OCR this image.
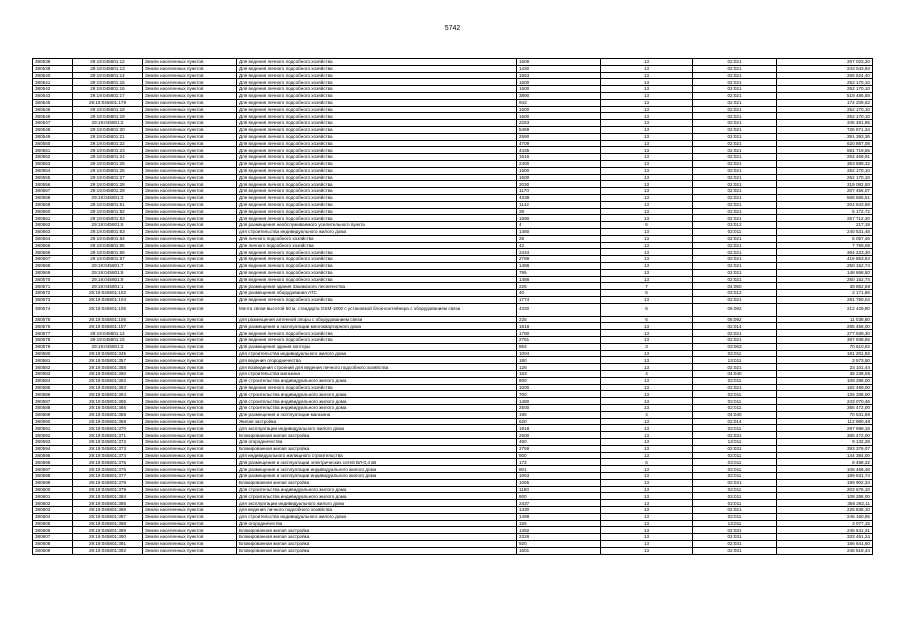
5742
380538	29:19:045801:12	Земли населенных пунктов	Для ведения личного подсобного хозяйства	1506	13	02:021	267 023,20
380539	29:19:045801:13	Земли населенных пунктов	Для ведения личного подсобного хозяйства	1430	13	02:021	243 043,94
380540	29:19:045801:14	Земли населенных пунктов	Для ведения личного подсобного хозяйства	1563	13	02:021	265 524,40
380541	29:19:045801:15	Земли населенных пунктов	Для ведения личного подсобного хозяйства	1500	13	02:021	252 170,10
380542	29:19:045801:16	Земли населенных пунктов	Для ведения личного подсобного хозяйства	1500	13	02:021	252 170,10
380543	29:19:045801:17	Земли населенных пунктов	Для ведения личного подсобного хозяйства	3890	13	02:021	519 486,58
380545	29:19:045801:179	Земли населенных пунктов	Для ведения личного подсобного хозяйства	943	13	02:021	174 209,62
380545	29:19:045801:18	Земли населенных пунктов	Для ведения личного подсобного хозяйства	1500	13	02:021	252 170,10
380546	29:19:045801:19	Земли населенных пунктов	Для ведения личного подсобного хозяйства	1500	13	02:021	252 170,10
380547	29:19:045801:2	Земли населенных пунктов	Для ведения личного подсобного хозяйства	2253	13	02:021	345 481,95
380548	29:19:045801:20	Земли населенных пунктов	Для ведения личного подсобного хозяйства	5459	13	02:021	726 871,34
380549	29:19:045801:21	Земли населенных пунктов	Для ведения личного подсобного хозяйства	2590	13	02:021	391 393,36
380550	29:19:045801:22	Земли населенных пунктов	Для ведения личного подсобного хозяйства	4709	13	02:021	620 867,08
380551	29:19:045801:23	Земли населенных пунктов	Для ведения личного подсобного хозяйства	4435	13	02:021	581 719,55
380552	29:19:045801:24	Земли населенных пунктов	Для ведения личного подсобного хозяйства	1516	13	02:021	254 459,91
380553	29:19:045801:25	Земли населенных пунктов	Для ведения личного подсобного хозяйства	2400	13	02:021	363 589,32
380554	29:19:045801:26	Земли населенных пунктов	Для ведения личного подсобного хозяйства	1500	13	02:021	252 170,10
380555	29:19:045801:27	Земли населенных пунктов	Для ведения личного подсобного хозяйства	1500	13	02:021	252 170,10
380556	29:19:045801:28	Земли населенных пунктов	Для ведения личного подсобного хозяйства	2030	13	02:021	319 082,93
380557	29:19:045801:29	Земли населенных пунктов	Для ведения личного подсобного хозяйства	1170	13	02:021	207 456,07
380558	29:19:045801:3	Земли населенных пунктов	Для ведения личного подсобного хозяйства	4338	13	02:021	568 565,51
380559	29:19:045801:51	Земли населенных пунктов	Для ведения личного подсобного хозяйства	1142	13	02:021	204 643,88
380560	29:19:045801:52	Земли населенных пунктов	Для ведения личного подсобного хозяйства	28	13	02:021	5 172,72
380561	29:19:045801:53	Земли населенных пунктов	Для ведения личного подсобного хозяйства	1590	13	02:021	257 712,30
380562	29:19:045801:6	Земли населенных пунктов	Для размещения необслуживаемого усилительного пункта	4	6	03:012	217,19
380563	29:19:045801:63	Земли населенных пунктов	для строительства индивидуального жилого дома	1480	13	02:011	240 531,48
380564	29:19:045801:64	Земли населенных пунктов	Для личного подсобного хозяйства	28	13	02:021	5 057,46
380565	29:19:045801:65	Земли населенных пунктов	Для личного подсобного хозяйства	42	13	02:021	7 759,08
380566	29:19:045801:66	Земли населенных пунктов	Для ведения личного подсобного хозяйства	2434	13	02:021	364 223,30
380567	29:19:045801:67	Земли населенных пунктов	Для ведения личного подсобного хозяйства	2788	13	02:021	416 853,54
380568	29:19:045801:7	Земли населенных пунктов	Для ведения личного подсобного хозяйства	1488	13	02:021	250 152,74
380569	29:19:045801:8	Земли населенных пунктов	Для ведения личного подсобного хозяйства	795	13	02:021	148 868,50
380570	29:19:045801:9	Земли населенных пунктов	Для ведения личного подсобного хозяйства	1488	13	02:021	250 152,74
380571	29:19:045801:1	Земли населенных пунктов	Для размещения здания Закамского лесничества	225	7	04:050	39 862,88
380572	29:19:045801:102	Земли населенных пунктов	Для размещения оборудования АТС	40	6	03:012	2 171,86
380573	29:19:045801:104	Земли населенных пунктов	Для ведения личного подсобного хозяйства	1774	13	02:021	281 750,04
380574	29:19:045801:105	Земли населенных пунктов	Мачта связи высотой 50 м, стандарта GSM-1800 с установкой блок-контейнера с оборудованием связи	4330	6	06:092	212 429,80
380575	29:19:045801:106	Земли населенных пунктов	для размещения антенной опоры с оборудованием связи	225	6	06:092	11 038,80
380576	29:19:045801:107	Земли населенных пунктов	Для размещения и эксплуатации многоквартирного дома	1818	13	02:014	285 458,00
380577	29:19:045801:14	Земли населенных пунктов	Для ведения личного подсобного хозяйства	1790	13	02:021	277 939,30
380578	29:19:045801:15	Земли населенных пунктов	Для ведения личного подсобного хозяйства	2781	13	02:021	397 938,55
380579	29:19:045801:2	Земли населенных пунктов	Для размещения здания конторы	854	3	03:063	70 610,82
380580	29:19:045801:345	Земли населенных пунктов	для строительства индивидуального жилого дома	1004	13	02:011	181 201,92
380581	29:19:045801:357	Земли населенных пунктов	для ведения огородничества	180	13	13:011	3 573,50
380582	29:19:045801:358	Земли населенных пунктов	для возведения строений для ведения личного подсобного хозяйства	128	13	02:021	23 101,44
380583	29:19:045801:360	Земли населенных пунктов	для строительства магазина	163	4	04:040	39 238,05
380584	29:19:045801:362	Земли населенных пунктов	Для строительства индивидуального жилого дома	800	13	02:011	108 286,00
380585	29:19:045801:363	Земли населенных пунктов	Для ведения личного подсобного хозяйства	1000	13	02:021	182 489,00
380586	29:19:045801:364	Земли населенных пунктов	Для строительства индивидуального жилого дома	700	13	02:011	125 336,00
380587	29:19:045801:365	Земли населенных пунктов	Для строительства индивидуального жилого дома	1480	13	02:011	243 070,46
380588	29:19:045801:366	Земли населенных пунктов	Для строительства индивидуального жилого дома	2500	13	02:011	365 472,00
380589	29:19:045801:368	Земли населенных пунктов	Для размещения и эксплуатации магазина	195	4	04:040	70 531,86
380590	29:19:045801:369	Земли населенных пунктов	Жилая застройка	620	13	02:014	112 980,48
380591	29:19:045801:370	Земли населенных пунктов	для эксплуатации индивидуального жилого дома	1918	13	02:011	297 698,15
380592	29:19:045801:371	Земли населенных пунктов	Блокированная жилая застройка	2500	13	02:031	365 472,00
380593	29:19:045801:372	Земли населенных пунктов	Для огородничества	460	13	13:011	9 132,28
380594	29:19:045801:373	Земли населенных пунктов	Блокированная жилая застройка	2759	13	02:031	393 376,07
380595	29:19:045801:374	Земли населенных пунктов	для индивидуального жилищного строительства	800	13	02:011	144 384,00
380596	29:19:045801:375	Земли населенных пунктов	Для размещения и эксплуатации электрических сетей ВЛ-0,4 кВ	172	6	03:011	8 498,32
380597	29:19:045801:376	Земли населенных пунктов	Для размещения и эксплуатации индивидуального жилого дома	801	13	02:011	108 468,48
380598	29:19:045801:377	Земли населенных пунктов	Для размещения и эксплуатации индивидуального жилого дома	1063	13	02:011	189 531,74
380599	29:19:045801:378	Земли населенных пунктов	Блокированная жилая застройка	1065	13	02:031	189 902,34
380600	29:19:045801:379	Земли населенных пунктов	Для строительства индивидуального жилого дома	1160	13	02:011	203 676,10
380601	29:19:045801:384	Земли населенных пунктов	Для строительства индивидуального жилого дома	600	13	02:011	108 288,00
380602	29:19:045801:385	Земли населенных пунктов	для эксплуатации индивидуального жилого дома	2437	13	02:011	356 262,11
380603	29:19:045801:386	Земли населенных пунктов	для ведения личного подсобного хозяйства	1330	13	02:021	225 838,10
380604	29:19:045801:387	Земли населенных пунктов	для строительства индивидуального жилого дома	1499	13	02:011	246 150,85
380605	29:19:045801:388	Земли населенных пунктов	Для огородничества	155	13	13:011	3 077,15
380606	29:19:045801:389	Земли населенных пунктов	Блокированная жилая застройка	1492	13	02:031	245 641,31
380607	29:19:045801:390	Земли населенных пунктов	Блокированная жилая застройка	2226	13	02:031	333 451,24
380608	29:19:045801:391	Земли населенных пунктов	Блокированная жилая застройка	920	13	02:031	166 641,60
380609	29:19:045801:392	Земли населенных пунктов	Блокированная жилая застройка	1501	13	02:031	246 519,44
